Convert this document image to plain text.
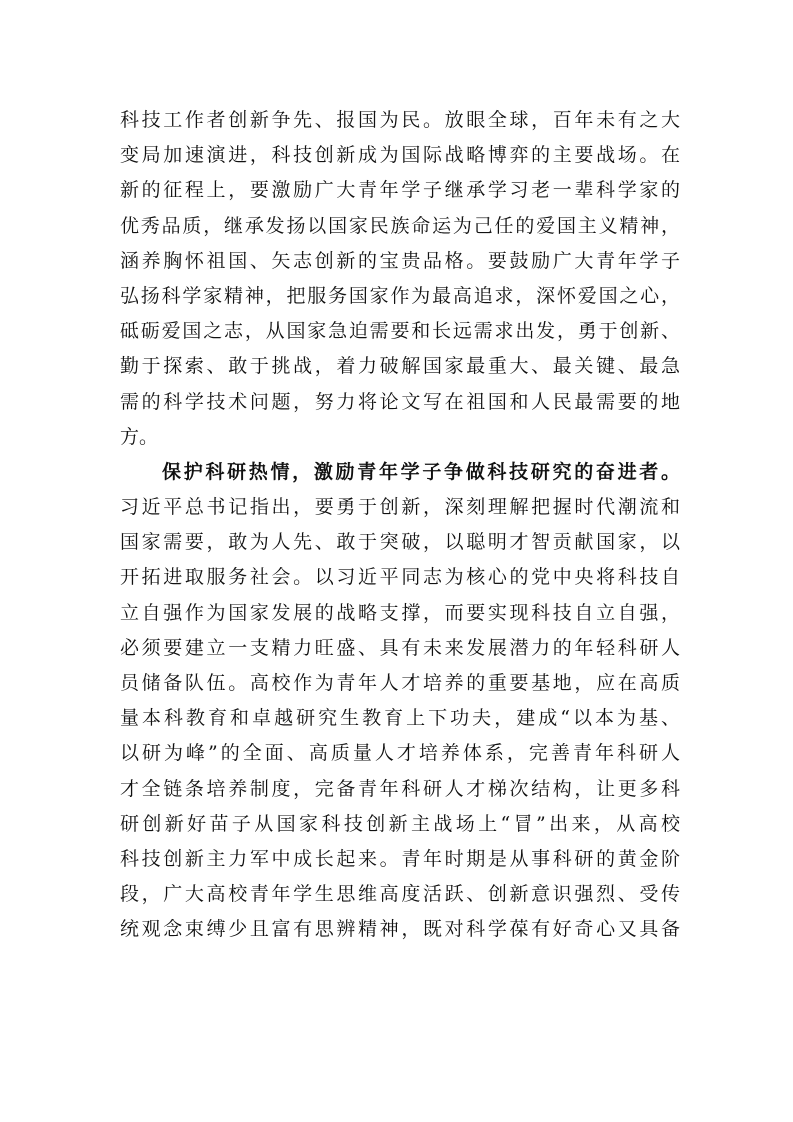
科技工作者创新争先、报国为民。放眼全球，百年未有之大
变局加速演进，科技创新成为国际战略博弈的主要战场。在
新的征程上，要激励广大青年学子继承学习老一辈科学家的
优秀品质，继承发扬以国家民族命运为己任的爱国主义精神，
涵养胸怀祖国、矢志创新的宝贵品格。要鼓励广大青年学子
弘扬科学家精神，把服务国家作为最高追求，深怀爱国之心，
砥砺爱国之志，从国家急迫需要和长远需求出发，勇于创新、
勤于探索、敢于挑战，着力破解国家最重大、最关键、最急
需的科学技术问题，努力将论文写在祖国和人民最需要的地
方。
保护科研热情，激励青年学子争做科技研究的奋进者。
习近平总书记指出，要勇于创新，深刻理解把握时代潮流和
国家需要，敢为人先、敢于突破，以聪明才智贡献国家，以
开拓进取服务社会。以习近平同志为核心的党中央将科技自
立自强作为国家发展的战略支撑，而要实现科技自立自强，
必须要建立一支精力旺盛、具有未来发展潜力的年轻科研人
员储备队伍。高校作为青年人才培养的重要基地，应在高质
量本科教育和卓越研究生教育上下功夫，建成“以本为基、
以研为峰”的全面、高质量人才培养体系，完善青年科研人
才全链条培养制度，完备青年科研人才梯次结构，让更多科
研创新好苗子从国家科技创新主战场上“冒”出来，从高校
科技创新主力军中成长起来。青年时期是从事科研的黄金阶
段，广大高校青年学生思维高度活跃、创新意识强烈、受传
统观念束缚少且富有思辨精神，既对科学葆有好奇心又具备
